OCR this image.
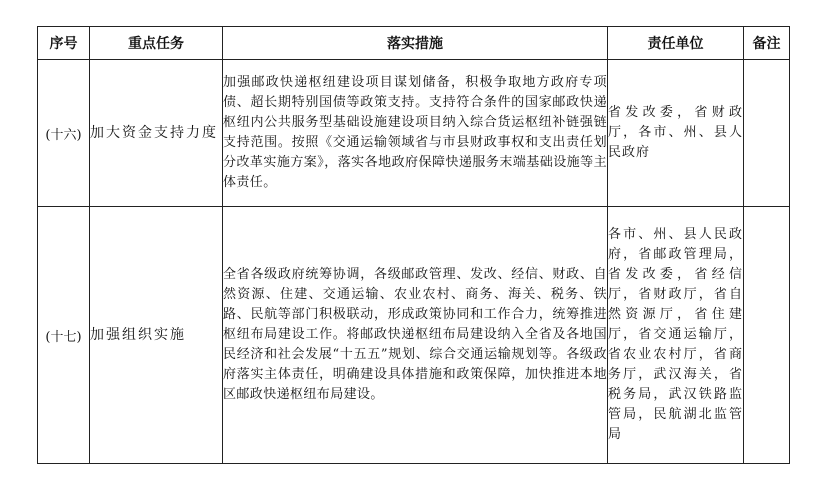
序号	重点任务	落实措施	责任单位	备注
(十六)	加大资金支持力度	加强邮政快递枢纽建设项目谋划储备，积极争取地方政府专项债、超长期特别国债等政策支持。支持符合条件的国家邮政快递枢纽内公共服务型基础设施建设项目纳入综合货运枢纽补链强链支持范围。按照《交通运输领域省与市县财政事权和支出责任划分改革实施方案》，落实各地政府保障快递服务末端基础设施等主体责任。	省发改委，省财政厅，各市、州、县人民政府	
(十七)	加强组织实施	全省各级政府统筹协调，各级邮政管理、发改、经信、财政、自然资源、住建、交通运输、农业农村、商务、海关、税务、铁路、民航等部门积极联动，形成政策协同和工作合力，统筹推进枢纽布局建设工作。将邮政快递枢纽布局建设纳入全省及各地国民经济和社会发展“十五五”规划、综合交通运输规划等。各级政府落实主体责任，明确建设具体措施和政策保障，加快推进本地区邮政快递枢纽布局建设。	各市、州、县人民政府，省邮政管理局，省发改委，省经信厅，省财政厅，省自然资源厅，省住建厅，省交通运输厅，省农业农村厅，省商务厅，武汉海关，省税务局，武汉铁路监管局，民航湖北监管局	
